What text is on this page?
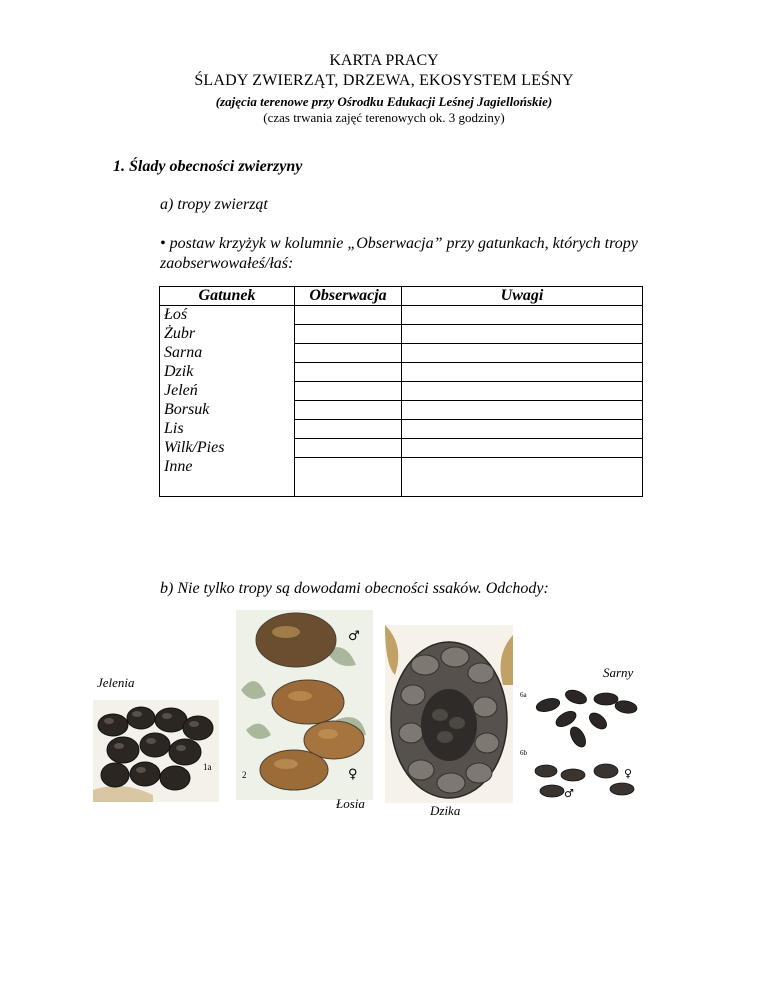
KARTA PRACY
ŚLADY ZWIERZĄT, DRZEWA, EKOSYSTEM LEŚNY
(zajęcia terenowe przy Ośrodku Edukacji Leśnej Jagiellońskie)
(czas trwania zajęć terenowych ok. 3 godziny)
1. Ślady obecności zwierzyny
a) tropy zwierząt
• postaw krzyżyk w kolumnie „Obserwacja” przy gatunkach, których tropy zaobserwowałeś/łaś:
Gatunek	Obserwacja	Uwagi
Łoś		
Żubr		
Sarna		
Dzik		
Jeleń		
Borsuk		
Lis		
Wilk/Pies		
Inne		
b) Nie tylko tropy są dowodami obecności ssaków. Odchody:
Jelenia
1a
♂
♀
2
Łosia	Dzika
Sarny
6a
6b
♀
♂
